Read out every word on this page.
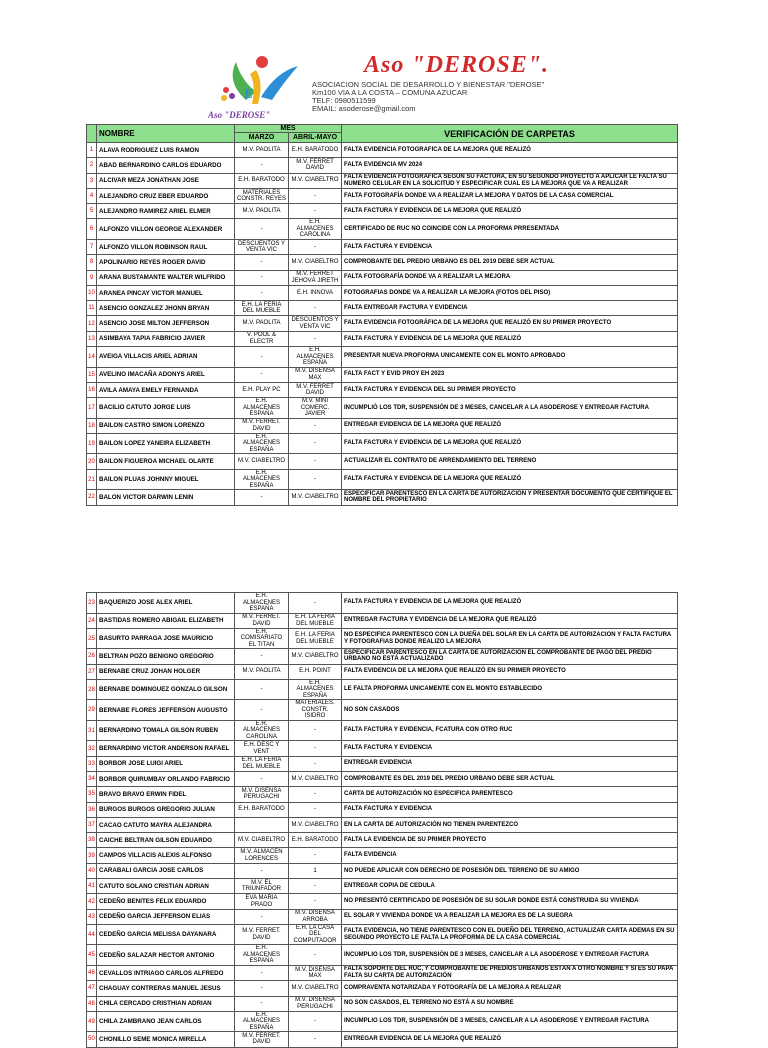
E S
Aso "DEROSE"
Aso "DEROSE".
ASOCIACION SOCIAL DE DESARROLLO Y BIENESTAR "DEROSE"
Km100 VIA A LA COSTA – COMUNA AZUCAR
TELF: 0980511599
EMAIL: asoderose@gmail.com
	NOMBRE	MES		VERIFICACIÓN DE CARPETAS
		MARZO	ABRIL-MAYO	
1	ALAVA RODRIGUEZ LUIS RAMON	M.V. PAOLITA	E.H. BARATODO	FALTA EVIDENCIA FOTOGRAFICA DE LA MEJORA QUE REALIZÓ
2	ABAD BERNARDINO CARLOS EDUARDO	-	M.V. FERRET DAVID	FALTA EVIDENCIA MV 2024
3	ALCIVAR MEZA JONATHAN JOSE	E.H. BARATODO	M.V. CIABELTRO	FALTA EVIDENCIA FOTOGRAFICA SEGUN SU FACTURA, EN SU SEGUNDO PROYECTO A APLICAR LE FALTA SU NUMERO CELULAR EN LA SOLICITUD Y ESPECIFICAR CUAL ES LA MEJORA QUE VA A REALIZAR
4	ALEJANDRO CRUZ EBER EDUARDO	MATERIALES CONSTR. REYES	-	FALTA FOTOGRAFÍA DONDE VA A REALIZAR LA MEJORA Y DATOS DE LA CASA COMERCIAL
5	ALEJANDRO RAMIREZ ARIEL ELMER	M.V. PAOLITA	-	FALTA FACTURA Y EVIDENCIA DE LA MEJORA QUE REALIZÓ
6	ALFONZO VILLON GEORGE ALEXANDER	-	E.H. ALMACENES CAROLINA	CERTIFICADO DE RUC NO COINCIDE CON LA PROFORMA PRRESENTADA
7	ALFONZO VILLON ROBINSON RAUL	DESCUENTOS Y VENTA VIC	-	FALTA FACTURA Y EVIDENCIA
8	APOLINARIO REYES ROGER DAVID	-	M.V. CIABELTRO	COMPROBANTE DEL PREDIO URBANO ES DEL 2019 DEBE SER ACTUAL
9	ARANA BUSTAMANTE WALTER WILFRIDO	-	M.V. FERRET JEHOVÁ JIRETH	FALTA FOTOGRAFÍA DONDE VA A REALIZAR LA MEJORA
10	ARANEA PINCAY VICTOR MANUEL	-	E.H. INNOVA	FOTOGRAFIAS DONDE VA A REALIZAR LA MEJORA (FOTOS DEL PISO)
11	ASENCIO GONZALEZ JHONN BRYAN	E.H. LA FERIA DEL MUEBLE	-	FALTA ENTREGAR FACTURA Y EVIDENCIA
12	ASENCIO JOSE MILTON JEFFERSON	M.V. PAOLITA	DESCUENTOS Y VENTA VIC	FALTA EVIDENCIA FOTOGRÁFICA DE LA MEJORA QUE REALIZÓ EN SU PRIMER PROYECTO
13	ASIMBAYA TAPIA FABRICIO JAVIER	V. POOL & ELECTR	-	FALTA FACTURA Y EVIDENCIA DE LA MEJORA QUE REALIZÓ
14	AVEIGA VILLACIS ARIEL ADRIAN	-	E.H. ALMACENES ESPAÑA	PRESENTAR NUEVA PROFORMA UNICAMENTE CON EL MONTO APROBADO
15	AVELINO IMACAÑA ADONYS ARIEL	-	M.V. DISENSA MAX	FALTA FACT Y EVID PROY EH 2023
16	AVILA AMAYA EMELY FERNANDA	E.H. PLAY PC	M.V. FERRET DAVID	FALTA FACTURA Y EVIDENCIA DEL SU PRIMER PROYECTO
17	BACILIO CATUTO JORGE LUIS	E.H. ALMACENES ESPAÑA	M.V. MINI COMERC. JAVIER	INCUMPLIÓ LOS TDR, SUSPENSIÓN DE 3 MESES, CANCELAR A LA ASODEROSE Y ENTREGAR FACTURA
18	BAILON CASTRO SIMON LORENZO	M.V. FERRET. DAVID	-	ENTREGAR EVIDENCIA DE LA MEJORA QUE REALIZÓ
19	BAILON LOPEZ YANEIRA ELIZABETH	E.H. ALMACENES ESPAÑA	-	FALTA FACTURA Y EVIDENCIA DE LA MEJORA QUE REALIZÓ
20	BAILON FIGUEROA MICHAEL OLARTE	M.V. CIABELTRO	-	ACTUALIZAR EL CONTRATO DE ARRENDAMIENTO DEL TERRENO
21	BAILON PLUAS JOHNNY MIGUEL	E.H. ALMACENES ESPAÑA	-	FALTA FACTURA Y EVIDENCIA DE LA MEJORA QUE REALIZÓ
22	BALON VICTOR DARWIN LENIN	-	M.V. CIABELTRO	ESPECIFICAR PARENTESCO EN LA CARTA DE AUTORIZACIÓN Y PRESENTAR DOCUMENTO QUE CERTIFIQUE EL NOMBRE DEL PROPIETARIO
23	BAQUERIZO JOSE ALEX ARIEL	E.H. ALMACENES ESPAÑA	-	FALTA FACTURA Y EVIDENCIA DE LA MEJORA QUE REALIZÓ
24	BASTIDAS ROMERO ABIGAIL ELIZABETH	M.V. FERRET. DAVID	E.H. LA FERIA DEL MUEBLE	ENTREGAR FACTURA Y EVIDENCIA DE LA MEJORA QUE REALIZÓ
25	BASURTO PARRAGA JOSE MAURICIO	E.H. COMISARIATO EL TITAN	E.H. LA FERIA DEL MUEBLE	NO ESPECIFICA PARENTESCO CON LA DUEÑA DEL SOLAR EN LA CARTA DE AUTORIZACION Y FALTA FACTURA Y FOTOGRAFIAS DONDE REALIZO LA MEJORA
26	BELTRAN POZO BENIGNO GREGORIO	-	M.V. CIABELTRO	ESPECIFICAR PARENTESCO EN LA CARTA DE AUTORIZACIÓN EL COMPROBANTE DE PAGO DEL PREDIO URBANO NO ESTÁ ACTUALIZADO
27	BERNABE CRUZ JOHAN HOLGER	M.V. PAOLITA	E.H. POINT	FALTA EVIDENCIA DE LA MEJORA QUE REALIZÓ EN SU PRIMER PROYECTO
28	BERNABE DOMINGUEZ GONZALO GILSON	-	E.H. ALMACENES ESPAÑA	LE FALTA PROFORMA UNICAMENTE CON EL MONTO ESTABLECIDO
29	BERNABE FLORES JEFFERSON AUGUSTO	-	MATERIALES. CONSTR. ISIDRO	NO SON CASADOS
31	BERNARDINO TOMALA GILSON RUBEN	E.H. ALMACENES CAROLINA	-	FALTA FACTURA Y EVIDENCIA, FCATURA CON OTRO RUC
32	BERNARDINO VICTOR ANDERSON RAFAEL	E.H. DESC Y VENT	-	FALTA FACTURA Y EVIDENCIA
33	BORBOR JOSE LUIGI ARIEL	E.H. LA FERIA DEL MUEBLE	-	ENTREGAR EVIDENCIA
34	BORBOR QUIRUMBAY ORLANDO FABRICIO	-	M.V. CIABELTRO	COMPROBANTE ES DEL 2019 DEL PREDIO URBANO DEBE SER ACTUAL
35	BRAVO BRAVO ERWIN FIDEL	M.V. DISENSA PERUGACHI	-	CARTA DE AUTORIZACIÓN NO ESPECIFICA PARENTESCO
36	BURGOS BURGOS GREGORIO JULIAN	E.H. BARATODO	-	FALTA FACTURA Y EVIDENCIA
37	CACAO CATUTO MAYRA ALEJANDRA		M.V. CIABELTRO	EN LA CARTA DE AUTORIZACIÓN NO TIENEN PARENTEZCO
38	CAICHE BELTRAN GILSON EDUARDO	M.V. CIABELTRO	E.H. BARATODO	FALTA LA EVIDENCIA DE SU PRIMER PROYECTO
39	CAMPOS VILLACIS ALEXIS ALFONSO	M.V. ALMACEN LORENCES	-	FALTA EVIDENCIA
40	CARABALI GARCIA JOSE CARLOS	-	1	NO PUEDE APLICAR CON DERECHO DE POSESIÓN DEL TERRENO DE SU AMIGO
41	CATUTO SOLANO CRISTIAN ADRIAN	M.V. EL TRIUNFADOR	-	ENTREGAR COPIA DE CEDULA
42	CEDEÑO BENITES FELIX EDUARDO	EVA MARIA PRADO	-	NO PRESENTÓ CERTIFICADO DE POSESIÓN DE SU SOLAR DONDE ESTÁ CONSTRUIDA SU VIVIENDA
43	CEDEÑO GARCIA JEFFERSON ELIAS	-	M.V. DISENSA ARROBA	EL SOLAR Y VIVIENDA DONDE VA A REALIZAR LA MEJORA ES DE LA SUEGRA
44	CEDEÑO GARCIA MELISSA DAYANARA	M.V. FERRET. DAVID	E.H. LA CASA DEL COMPUTADOR	FALTA EVIDENCIA, NO TIENE PARENTESCO CON EL DUEÑO DEL TERRENO, ACTUALIZAR CARTA ADEMAS EN SU SEGUNDO PROYECTO LE FALTA LA PROFORMA DE LA CASA COMERCIAL
45	CEDEÑO SALAZAR HECTOR ANTONIO	E.H. ALMACENES ESPAÑA	-	INCUMPLIO LOS TDR, SUSPENSIÓN DE 3 MESES, CANCELAR A LA ASODEROSE Y ENTREGAR FACTURA
46	CEVALLOS INTRIAGO CARLOS ALFREDO	-	M.V. DISENSA MAX	FALTA SOPORTE DEL RUC, Y COMPROBANTE DE PREDIOS URBANOS ESTÁN A OTRO NOMBRE Y SI ES SU PAPA FALTA SU CARTA DE AUTORIZACIÓN
47	CHAGUAY CONTRERAS MANUEL JESUS	-	M.V. CIABELTRO	COMPRAVENTA NOTARIZADA Y FOTOGRAFÍA DE LA MEJORA A REALIZAR
48	CHILA CERCADO CRISTHIAN ADRIAN	-	M.V. DISENSA PERUGACHI	NO SON CASADOS, EL TERRENO NO ESTÁ A SU NOMBRE
49	CHILA ZAMBRANO JEAN CARLOS	E.H. ALMACENES ESPAÑA	-	INCUMPLIO LOS TDR, SUSPENSIÓN DE 3 MESES, CANCELAR A LA ASODEROSE Y ENTREGAR FACTURA
50	CHONILLO SEME MONICA MIRELLA	M.V. FERRET. DAVID	-	ENTREGAR EVIDENCIA DE LA MEJORA QUE REALIZÓ
